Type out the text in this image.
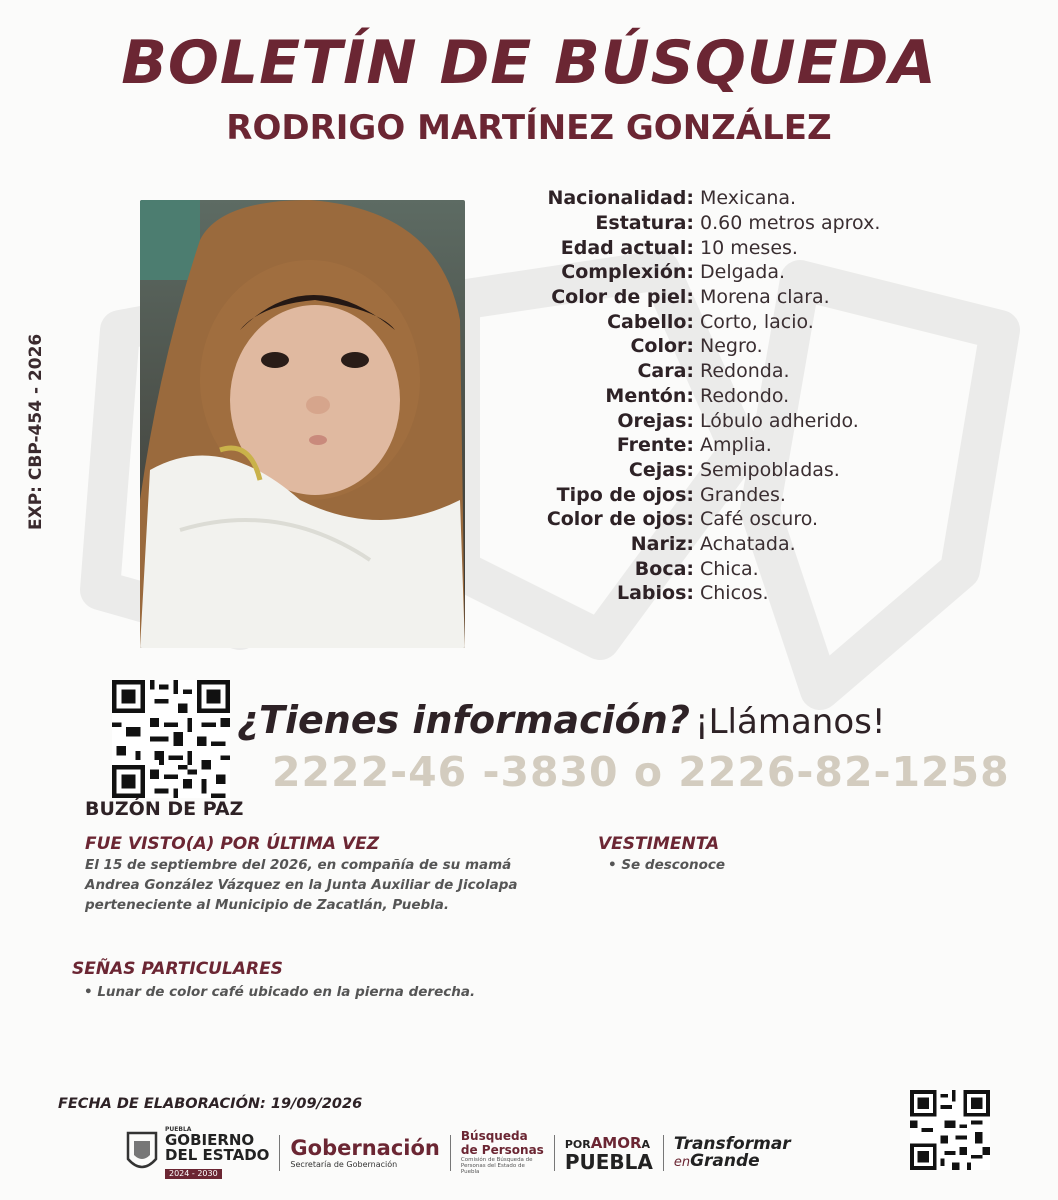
BOLETÍN DE BÚSQUEDA
RODRIGO MARTÍNEZ GONZÁLEZ
EXP: CBP-454 - 2026
Nacionalidad: Mexicana.
Estatura: 0.60 metros aprox.
Edad actual: 10 meses.
Complexión: Delgada.
Color de piel: Morena clara.
Cabello: Corto, lacio.
Color: Negro.
Cara: Redonda.
Mentón: Redondo.
Orejas: Lóbulo adherido.
Frente: Amplia.
Cejas: Semipobladas.
Tipo de ojos: Grandes.
Color de ojos: Café oscuro.
Nariz: Achatada.
Boca: Chica.
Labios: Chicos.
BUZÓN DE PAZ
¿Tienes información? ¡Llámanos!
2222-46 -3830 o 2226-82-1258
FUE VISTO(A) POR ÚLTIMA VEZ
El 15 de septiembre del 2026, en compañía de su mamá Andrea González Vázquez en la Junta Auxiliar de Jicolapa perteneciente al Municipio de Zacatlán, Puebla.
VESTIMENTA
• Se desconoce
SEÑAS PARTICULARES
• Lunar de color café ubicado en la pierna derecha.
FECHA DE ELABORACIÓN: 19/09/2026
PUEBLA
GOBIERNO
DEL ESTADO
2024 - 2030
Gobernación
Secretaría de Gobernación
Búsqueda
de Personas
Comisión de Búsqueda de Personas del Estado de Puebla
PORAMORA
PUEBLA
Transformar
enGrande
